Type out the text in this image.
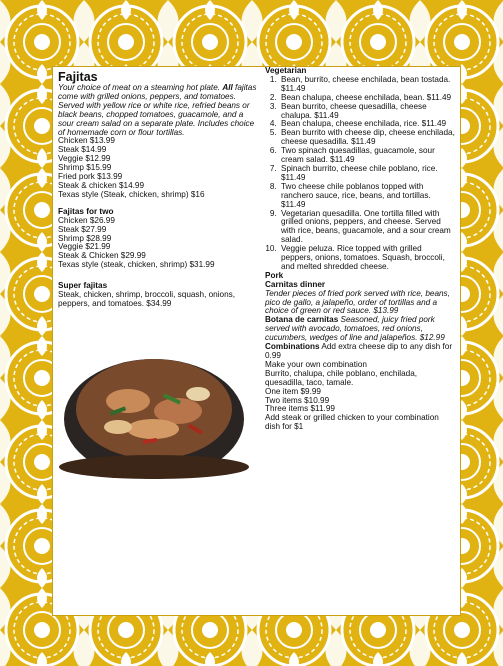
Fajitas
Your choice of meat on a steaming hot plate. All fajitas come with grilled onions, peppers, and tomatoes. Served with yellow rice or white rice, refried beans or black beans, chopped tomatoes, guacamole, and a sour cream salad on a separate plate. Includes choice of homemade corn or flour tortillas.
Chicken $13.99
Steak $14.99
Veggie $12.99
Shrimp $15.99
Fried pork $13.99
Steak & chicken $14.99
Texas style (Steak, chicken, shrimp) $16
Fajitas for two
Chicken $26.99
Steak $27.99
Shrimp $28.99
Veggie $21.99
Steak & Chicken $29.99
Texas style (steak, chicken, shrimp) $31.99
Super fajitas
Steak, chicken, shrimp, broccoli, squash, onions, peppers, and tomatoes. $34.99
Vegetarian
1. Bean, burrito, cheese enchilada, bean tostada. $11.49
2. Bean chalupa, cheese enchilada, bean. $11.49
3. Bean burrito, cheese quesadilla, cheese chalupa. $11.49
4. Bean chalupa, cheese enchilada, rice. $11.49
5. Bean burrito with cheese dip, cheese enchilada, cheese quesadilla. $11.49
6. Two spinach quesadillas, guacamole, sour cream salad. $11.49
7. Spinach burrito, cheese chile poblano, rice. $11.49
8. Two cheese chile poblanos topped with ranchero sauce, rice, beans, and tortillas. $11.49
9. Vegetarian quesadilla. One tortilla filled with grilled onions, peppers, and cheese. Served with rice, beans, guacamole, and a sour cream salad.
10. Veggie peluza. Rice topped with grilled peppers, onions, tomatoes. Squash, broccoli, and melted shredded cheese.
Pork
Carnitas dinner
Tender pieces of fried pork served with rice, beans, pico de gallo, a jalapeño, order of tortillas and a choice of green or red sauce. $13.99
Botana de carnitas Seasoned, juicy fried pork served with avocado, tomatoes, red onions, cucumbers, wedges of line and jalapeños. $12.99
Combinations Add extra cheese dip to any dish for 0.99
Make your own combination
Burrito, chalupa, chile poblano, enchilada, quesadilla, taco, tamale.
One item $9.99
Two items $10.99
Three items $11.99
Add steak or grilled chicken to your combination dish for $1
